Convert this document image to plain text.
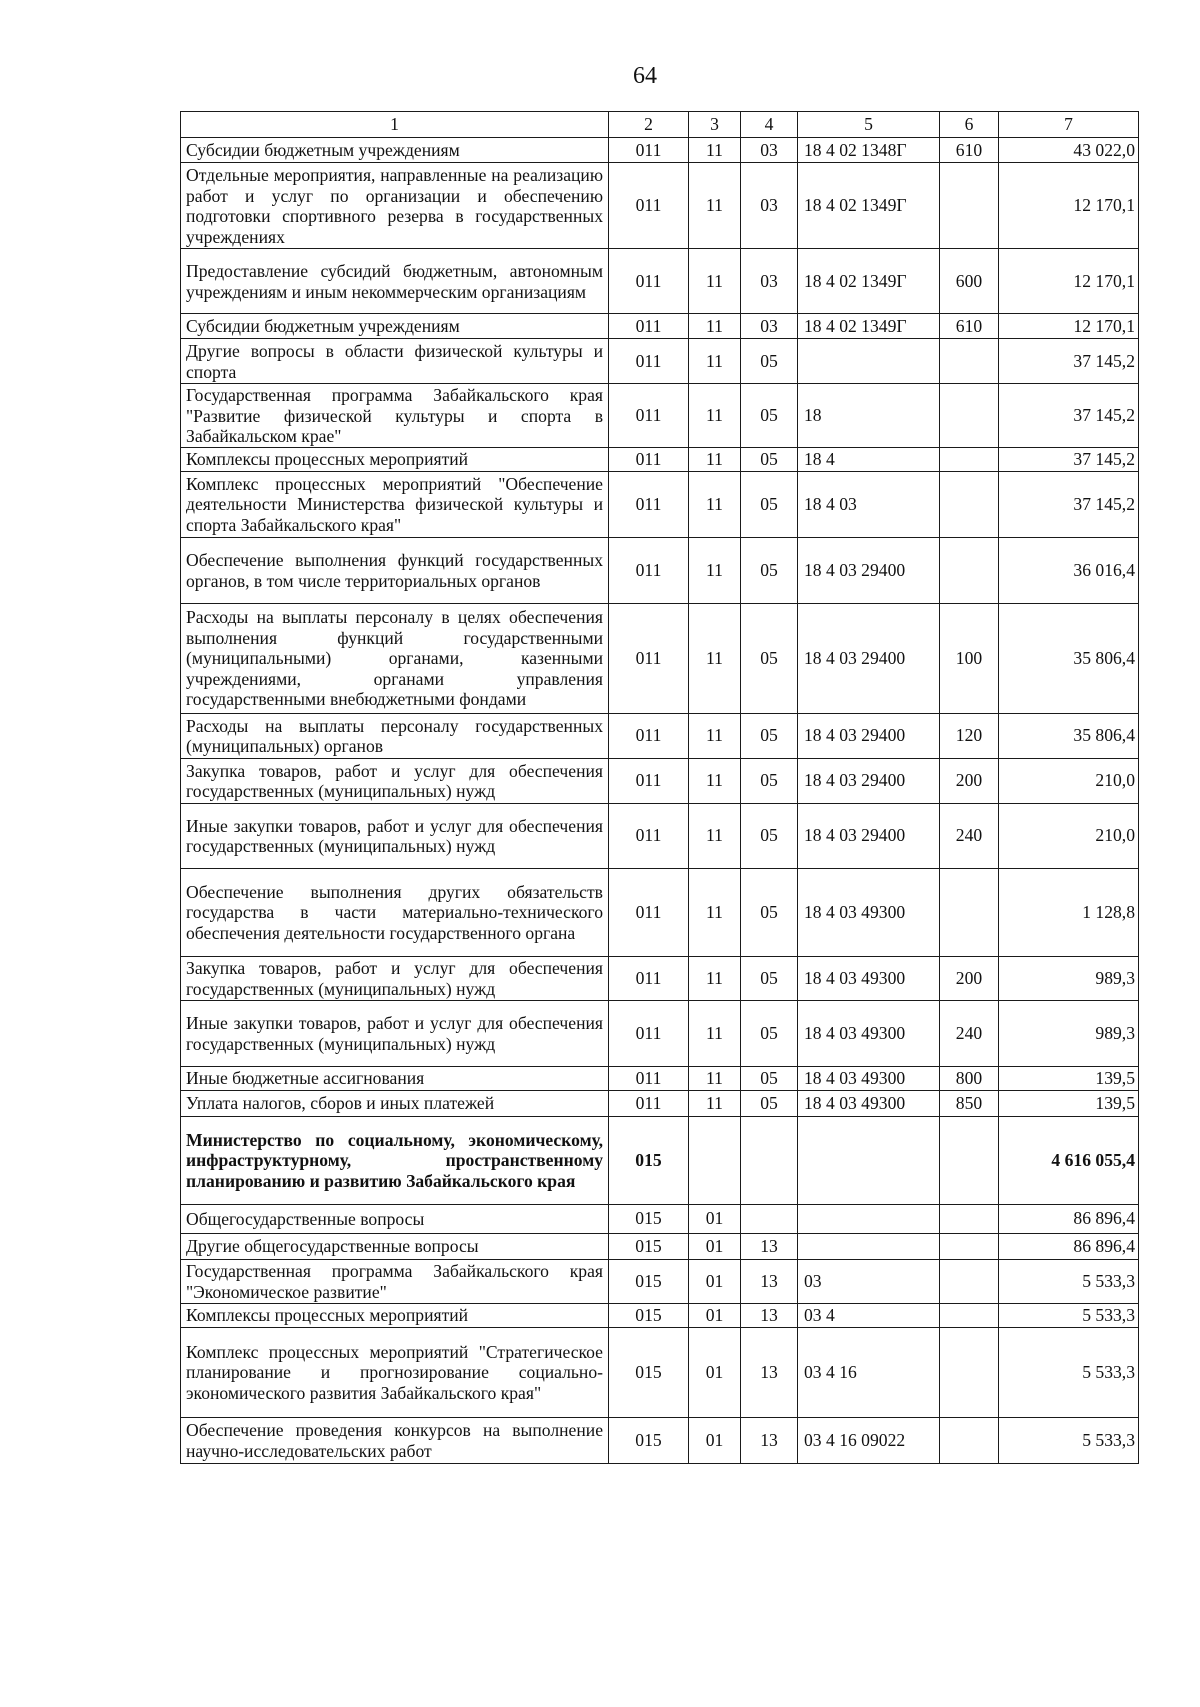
64
1	2	3	4	5	6	7
Субсидии бюджетным учреждениям	011	11	03	18 4 02 1348Г	610	43 022,0
Отдельные мероприятия, направленные на реализацию работ и услуг по организации и обеспечению подготовки спортивного резерва в государственных учреждениях	011	11	03	18 4 02 1349Г		12 170,1
Предоставление субсидий бюджетным, автономным учреждениям и иным некоммерческим организациям	011	11	03	18 4 02 1349Г	600	12 170,1
Субсидии бюджетным учреждениям	011	11	03	18 4 02 1349Г	610	12 170,1
Другие вопросы в области физической культуры и спорта	011	11	05			37 145,2
Государственная программа Забайкальского края "Развитие физической культуры и спорта в Забайкальском крае"	011	11	05	18		37 145,2
Комплексы процессных мероприятий	011	11	05	18 4		37 145,2
Комплекс процессных мероприятий "Обеспечение деятельности Министерства физической культуры и спорта Забайкальского края"	011	11	05	18 4 03		37 145,2
Обеспечение выполнения функций государственных органов, в том числе территориальных органов	011	11	05	18 4 03 29400		36 016,4
Расходы на выплаты персоналу в целях обеспечения выполнения функций государственными (муниципальными) органами, казенными учреждениями, органами управления государственными внебюджетными фондами	011	11	05	18 4 03 29400	100	35 806,4
Расходы на выплаты персоналу государственных (муниципальных) органов	011	11	05	18 4 03 29400	120	35 806,4
Закупка товаров, работ и услуг для обеспечения государственных (муниципальных) нужд	011	11	05	18 4 03 29400	200	210,0
Иные закупки товаров, работ и услуг для обеспечения государственных (муниципальных) нужд	011	11	05	18 4 03 29400	240	210,0
Обеспечение выполнения других обязательств государства в части материально-технического обеспечения деятельности государственного органа	011	11	05	18 4 03 49300		1 128,8
Закупка товаров, работ и услуг для обеспечения государственных (муниципальных) нужд	011	11	05	18 4 03 49300	200	989,3
Иные закупки товаров, работ и услуг для обеспечения государственных (муниципальных) нужд	011	11	05	18 4 03 49300	240	989,3
Иные бюджетные ассигнования	011	11	05	18 4 03 49300	800	139,5
Уплата налогов, сборов и иных платежей	011	11	05	18 4 03 49300	850	139,5
Министерство по социальному, экономическому, инфраструктурному, пространственному планированию и развитию Забайкальского края	015					4 616 055,4
Общегосударственные вопросы	015	01				86 896,4
Другие общегосударственные вопросы	015	01	13			86 896,4
Государственная программа Забайкальского края "Экономическое развитие"	015	01	13	03		5 533,3
Комплексы процессных мероприятий	015	01	13	03 4		5 533,3
Комплекс процессных мероприятий "Стратегическое планирование и прогнозирование социально-экономического развития Забайкальского края"	015	01	13	03 4 16		5 533,3
Обеспечение проведения конкурсов на выполнение научно-исследовательских работ	015	01	13	03 4 16 09022		5 533,3
